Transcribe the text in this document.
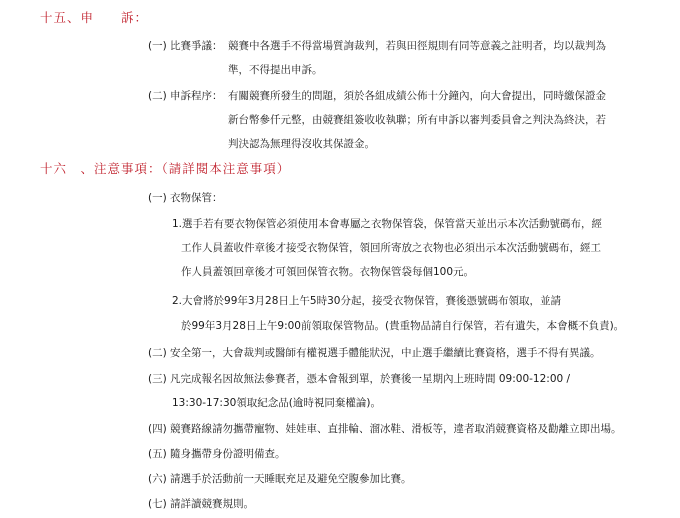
十五、申　　訴：
(一) 比賽爭議： 競賽中各選手不得當場質詢裁判，若與田徑規則有同等意義之註明者，均以裁判為
準，不得提出申訴。
(二) 申訴程序： 有關競賽所發生的問題，須於各組成績公佈十分鐘內，向大會提出，同時繳保證金
新台幣參仟元整，由競賽組簽收收執聯；所有申訴以審判委員會之判決為終決，若
判決認為無理得沒收其保證金。
十六　、注意事項：（請詳閱本注意事項）
(一) 衣物保管：
1.選手若有要衣物保管必須使用本會專屬之衣物保管袋，保管當天並出示本次活動號碼布，經
工作人員蓋收件章後才接受衣物保管，領回所寄放之衣物也必須出示本次活動號碼布，經工
作人員蓋領回章後才可領回保管衣物。衣物保管袋每個100元。
2.大會將於99年3月28日上午5時30分起，接受衣物保管，賽後憑號碼布領取，並請
於99年3月28日上午9:00前領取保管物品。(貴重物品請自行保管，若有遺失，本會概不負責)。
(二) 安全第一，大會裁判或醫師有權視選手體能狀況，中止選手繼續比賽資格，選手不得有異議。
(三) 凡完成報名因故無法參賽者，憑本會報到單，於賽後一星期內上班時間 09:00-12:00 /
13:30-17:30領取紀念品(逾時視同棄權論)。
(四) 競賽路線請勿攜帶寵物、娃娃車、直排輪、溜冰鞋、滑板等，違者取消競賽資格及勸離立即出場。
(五) 隨身攜帶身份證明備查。
(六) 請選手於活動前一天睡眠充足及避免空腹參加比賽。
(七) 請詳讀競賽規則。
